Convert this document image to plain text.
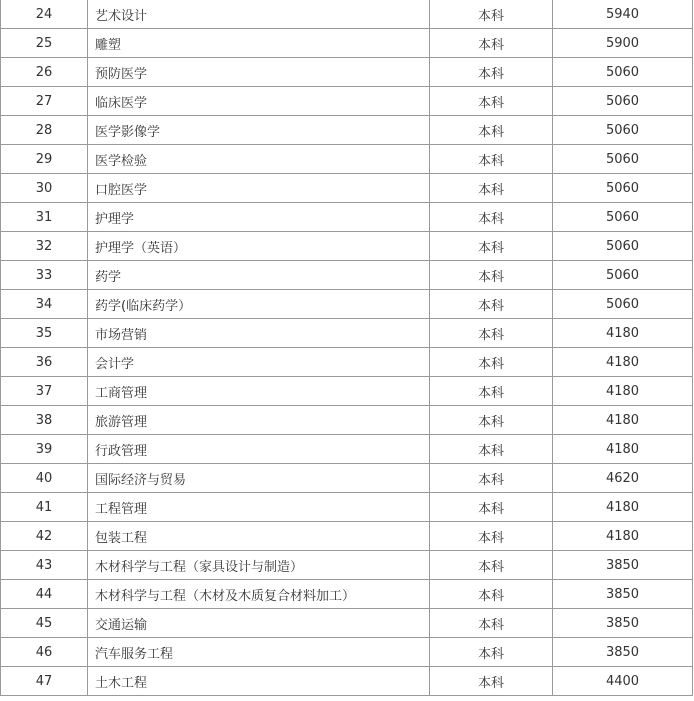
24	艺术设计	本科	5940
25	雕塑	本科	5900
26	预防医学	本科	5060
27	临床医学	本科	5060
28	医学影像学	本科	5060
29	医学检验	本科	5060
30	口腔医学	本科	5060
31	护理学	本科	5060
32	护理学（英语）	本科	5060
33	药学	本科	5060
34	药学(临床药学）	本科	5060
35	市场营销	本科	4180
36	会计学	本科	4180
37	工商管理	本科	4180
38	旅游管理	本科	4180
39	行政管理	本科	4180
40	国际经济与贸易	本科	4620
41	工程管理	本科	4180
42	包装工程	本科	4180
43	木材科学与工程（家具设计与制造）	本科	3850
44	木材科学与工程（木材及木质复合材料加工）	本科	3850
45	交通运输	本科	3850
46	汽车服务工程	本科	3850
47	土木工程	本科	4400
